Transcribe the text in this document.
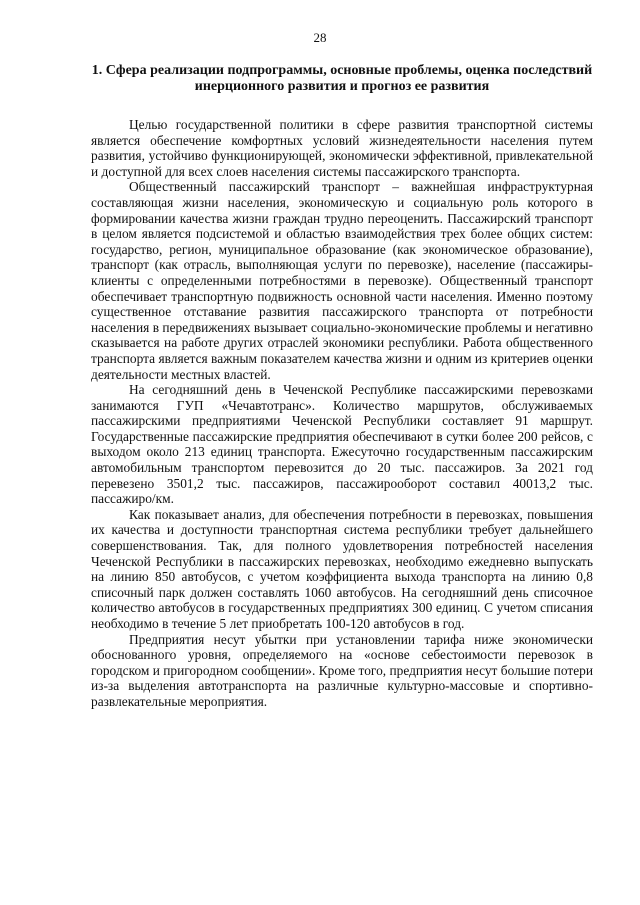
28
1. Сфера реализации подпрограммы, основные проблемы, оценка последствий инерционного развития и прогноз ее развития

Целью государственной политики в сфере развития транспортной системы является обеспечение комфортных условий жизнедеятельности населения путем развития, устойчиво функционирующей, экономически эффективной, привлекательной и доступной для всех слоев населения системы пассажирского транспорта.

Общественный пассажирский транспорт – важнейшая инфраструктурная составляющая жизни населения, экономическую и социальную роль которого в формировании качества жизни граждан трудно переоценить. Пассажирский транспорт в целом является подсистемой и областью взаимодействия трех более общих систем: государство, регион, муниципальное образование (как экономическое образование), транспорт (как отрасль, выполняющая услуги по перевозке), население (пассажиры-клиенты с определенными потребностями в перевозке). Общественный транспорт обеспечивает транспортную подвижность основной части населения. Именно поэтому существенное отставание развития пассажирского транспорта от потребности населения в передвижениях вызывает социально-экономические проблемы и негативно сказывается на работе других отраслей экономики республики. Работа общественного транспорта является важным показателем качества жизни и одним из критериев оценки деятельности местных властей.

На сегодняшний день в Чеченской Республике пассажирскими перевозками занимаются ГУП «Чечавтотранс». Количество маршрутов, обслуживаемых пассажирскими предприятиями Чеченской Республики составляет 91 маршрут. Государственные пассажирские предприятия обеспечивают в сутки более 200 рейсов, с выходом около 213 единиц транспорта. Ежесуточно государственным пассажирским автомобильным транспортом перевозится до 20 тыс. пассажиров. За 2021 год перевезено 3501,2 тыс. пассажиров, пассажирооборот составил 40013,2 тыс. пассажиро/км.

Как показывает анализ, для обеспечения потребности в перевозках, повышения их качества и доступности транспортная система республики требует дальнейшего совершенствования. Так, для полного удовлетворения потребностей населения Чеченской Республики в пассажирских перевозках, необходимо ежедневно выпускать на линию 850 автобусов, с учетом коэффициента выхода транспорта на линию 0,8 списочный парк должен составлять 1060 автобусов. На сегодняшний день списочное количество автобусов в государственных предприятиях 300 единиц. С учетом списания необходимо в течение 5 лет приобретать 100-120 автобусов в год.

Предприятия несут убытки при установлении тарифа ниже экономически обоснованного уровня, определяемого на «основе себестоимости перевозок в городском и пригородном сообщении». Кроме того, предприятия несут большие потери из-за выделения автотранспорта на различные культурно-массовые и спортивно-развлекательные мероприятия.
